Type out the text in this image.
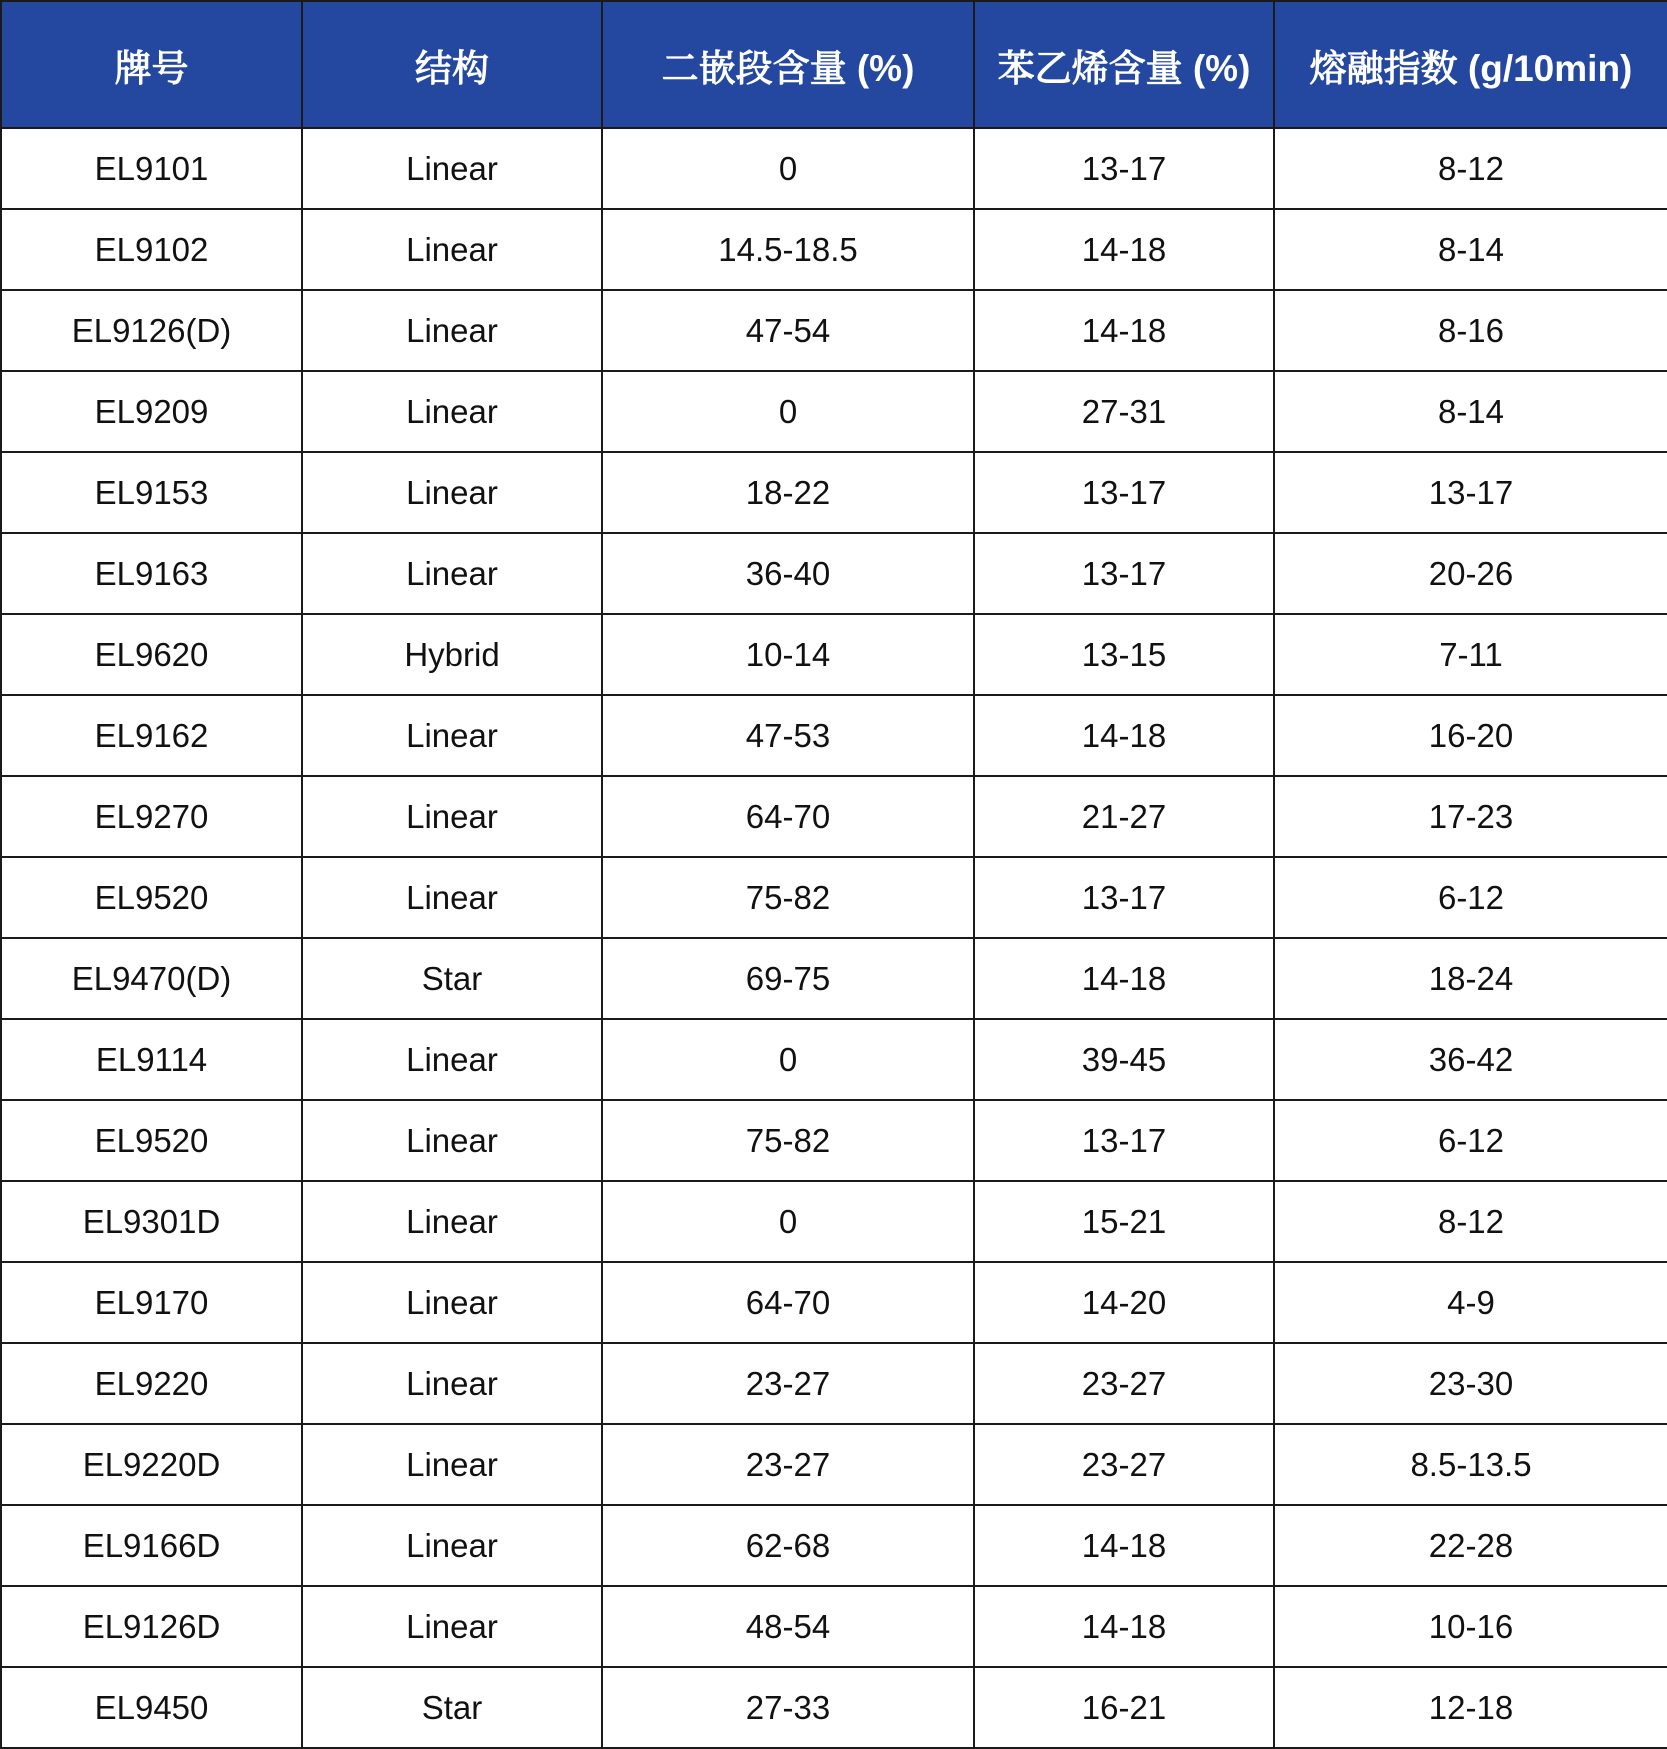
牌号	结构	二嵌段含量 (%)	苯乙烯含量 (%)	熔融指数 (g/10min)
EL9101	Linear	0	13-17	8-12
EL9102	Linear	14.5-18.5	14-18	8-14
EL9126(D)	Linear	47-54	14-18	8-16
EL9209	Linear	0	27-31	8-14
EL9153	Linear	18-22	13-17	13-17
EL9163	Linear	36-40	13-17	20-26
EL9620	Hybrid	10-14	13-15	7-11
EL9162	Linear	47-53	14-18	16-20
EL9270	Linear	64-70	21-27	17-23
EL9520	Linear	75-82	13-17	6-12
EL9470(D)	Star	69-75	14-18	18-24
EL9114	Linear	0	39-45	36-42
EL9520	Linear	75-82	13-17	6-12
EL9301D	Linear	0	15-21	8-12
EL9170	Linear	64-70	14-20	4-9
EL9220	Linear	23-27	23-27	23-30
EL9220D	Linear	23-27	23-27	8.5-13.5
EL9166D	Linear	62-68	14-18	22-28
EL9126D	Linear	48-54	14-18	10-16
EL9450	Star	27-33	16-21	12-18
